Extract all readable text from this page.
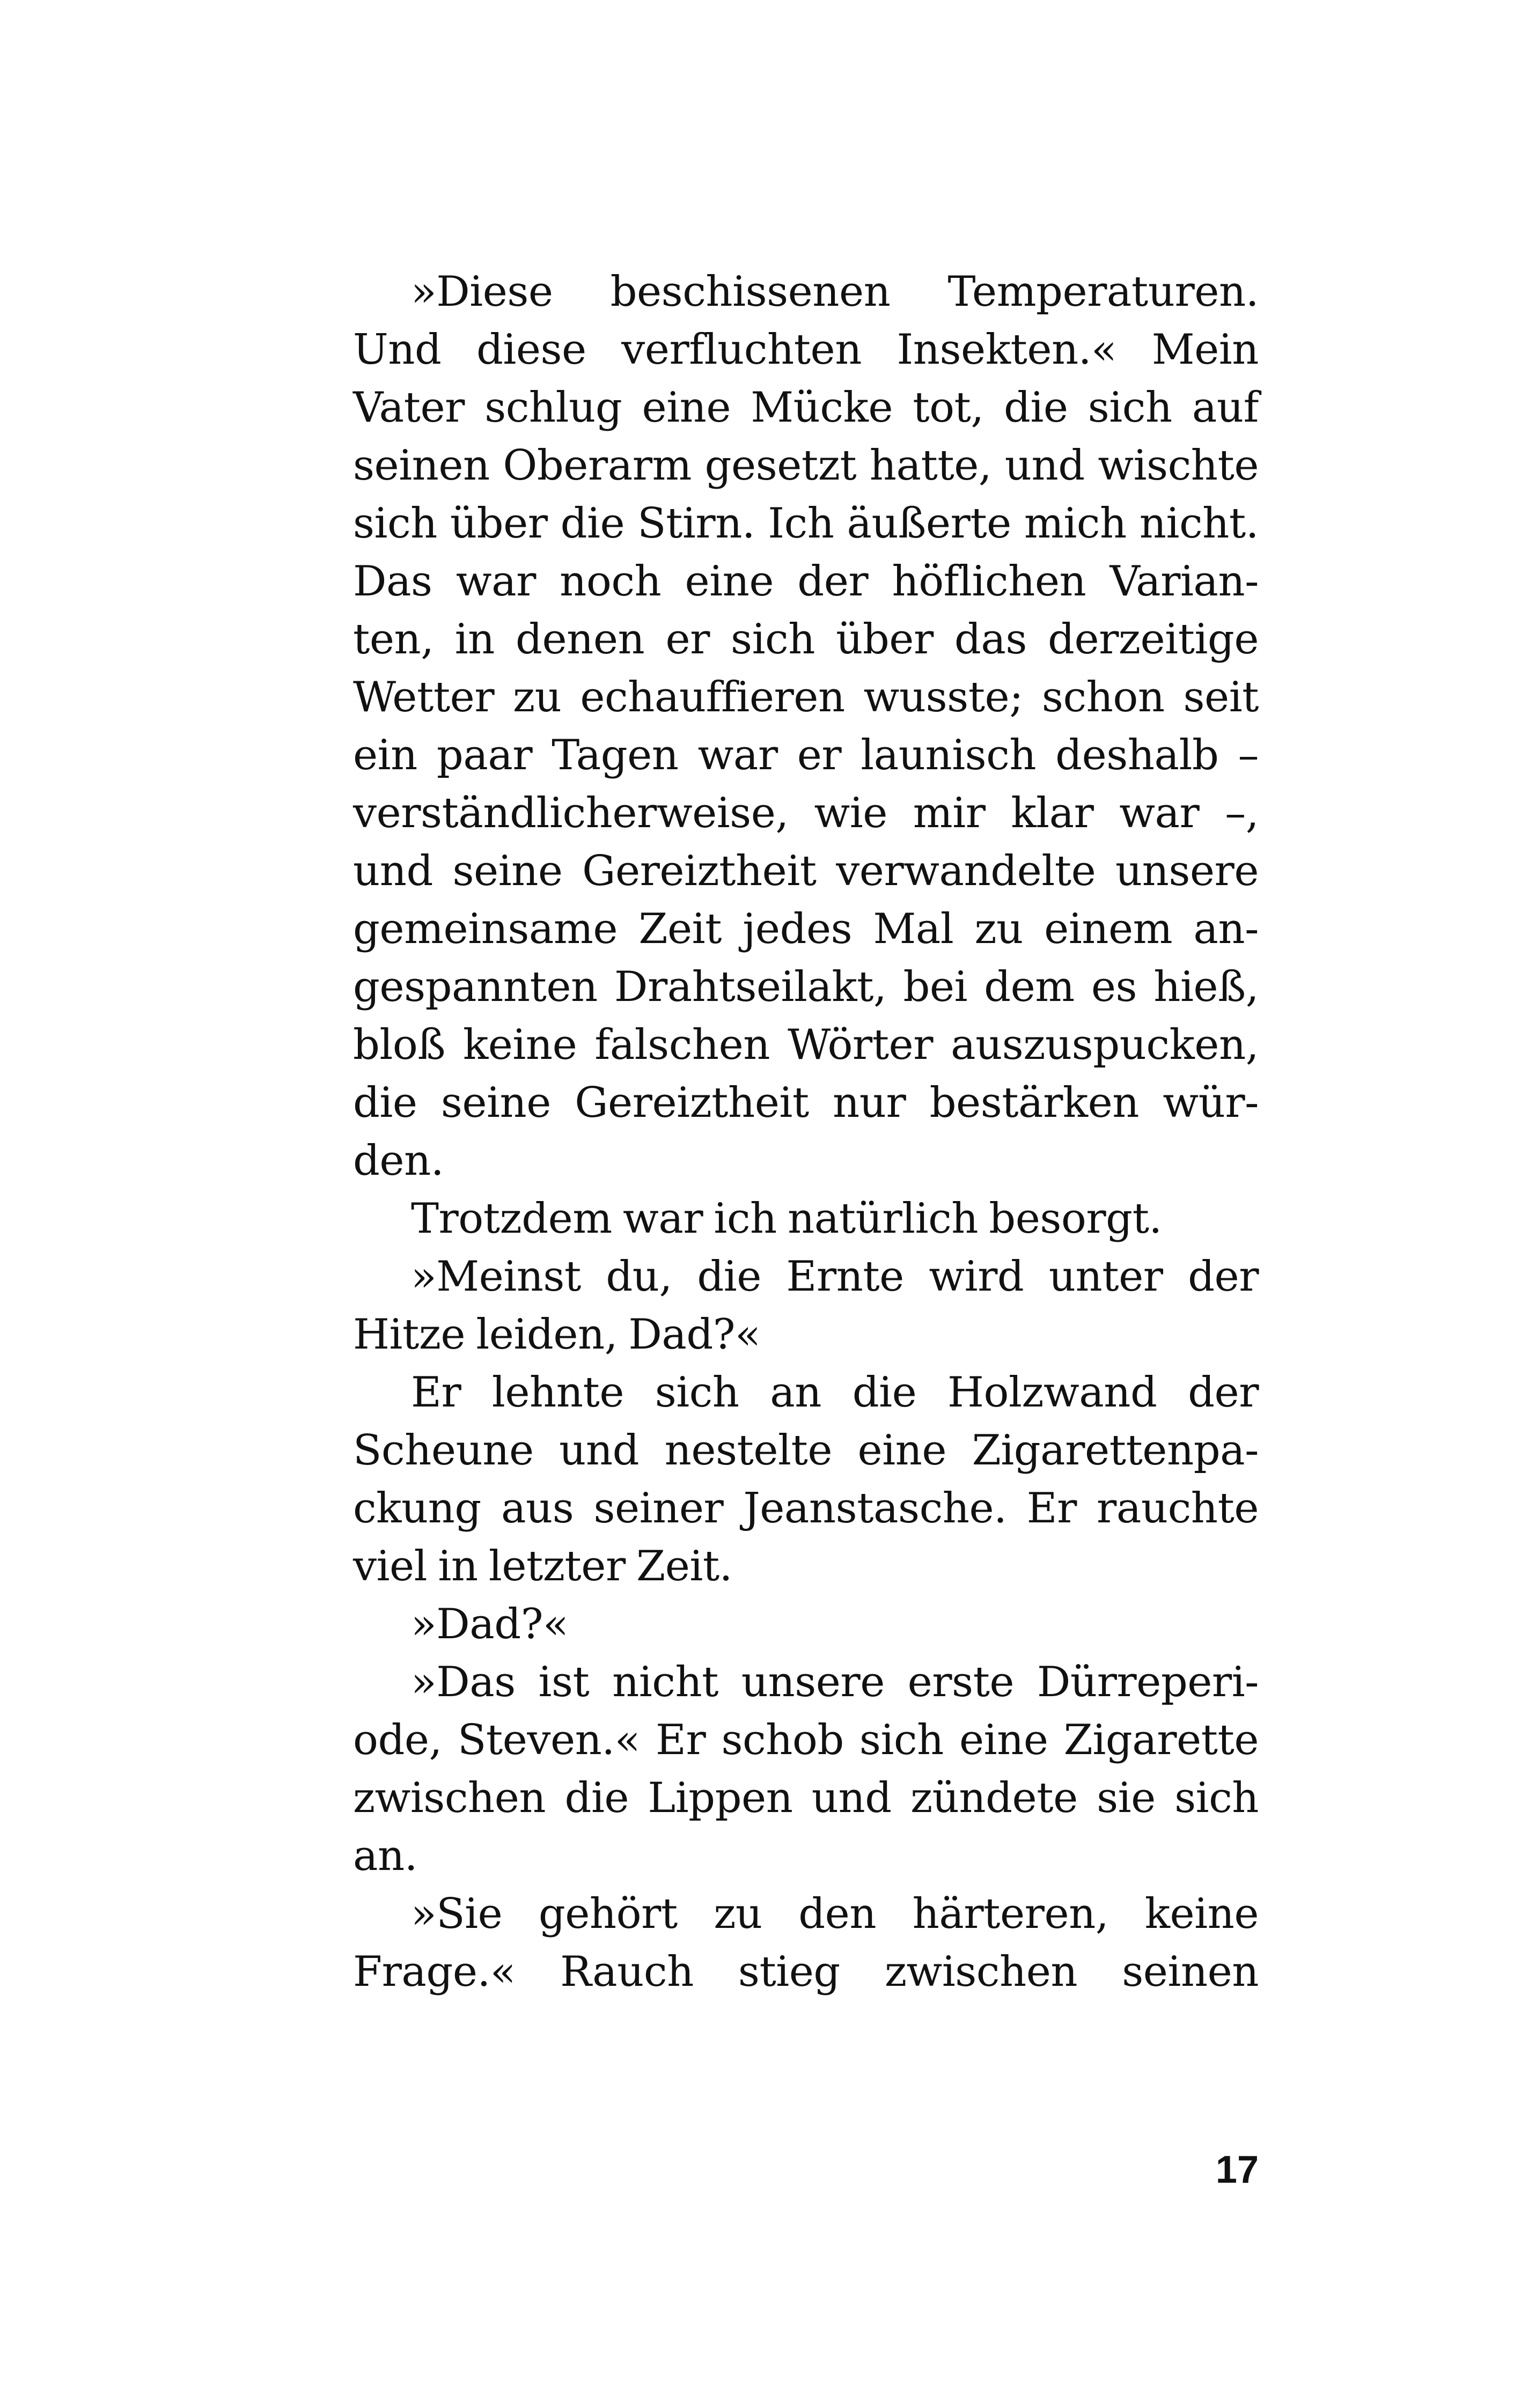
»Diese beschissenen Temperaturen.
Und diese verfluchten Insekten.« Mein
Vater schlug eine Mücke tot, die sich auf
seinen Oberarm gesetzt hatte, und wischte
sich über die Stirn. Ich äußerte mich nicht.
Das war noch eine der höflichen Varian-
ten, in denen er sich über das derzeitige
Wetter zu echauffieren wusste; schon seit
ein paar Tagen war er launisch deshalb –
verständlicherweise, wie mir klar war –,
und seine Gereiztheit verwandelte unsere
gemeinsame Zeit jedes Mal zu einem an-
gespannten Drahtseilakt, bei dem es hieß,
bloß keine falschen Wörter auszuspucken,
die seine Gereiztheit nur bestärken wür-
den.
Trotzdem war ich natürlich besorgt.
»Meinst du, die Ernte wird unter der
Hitze leiden, Dad?«
Er lehnte sich an die Holzwand der
Scheune und nestelte eine Zigarettenpa-
ckung aus seiner Jeanstasche. Er rauchte
viel in letzter Zeit.
»Dad?«
»Das ist nicht unsere erste Dürreperi-
ode, Steven.« Er schob sich eine Zigarette
zwischen die Lippen und zündete sie sich
an.
»Sie gehört zu den härteren, keine
Frage.« Rauch stieg zwischen seinen
17
